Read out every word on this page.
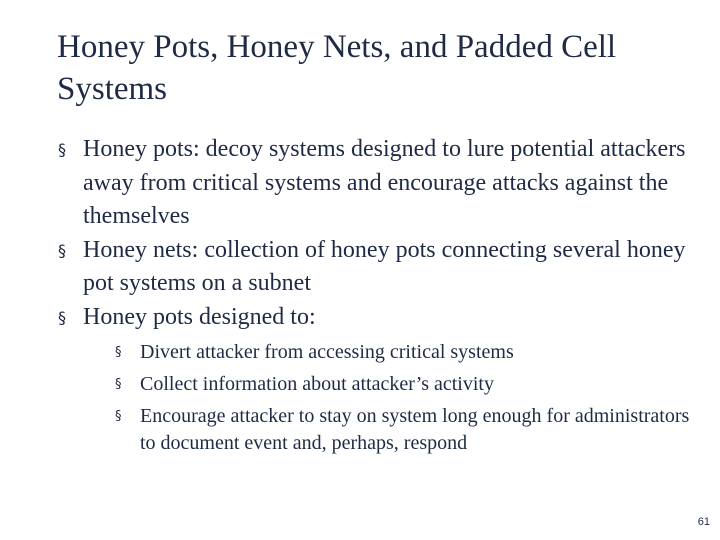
Honey Pots, Honey Nets, and Padded Cell Systems
§ Honey pots: decoy systems designed to lure potential attackers away from critical systems and encourage attacks against the themselves
§ Honey nets: collection of honey pots connecting several honey pot systems on a subnet
§ Honey pots designed to:
§ Divert attacker from accessing critical systems
§ Collect information about attacker’s activity
§ Encourage attacker to stay on system long enough for administrators to document event and, perhaps, respond
61
